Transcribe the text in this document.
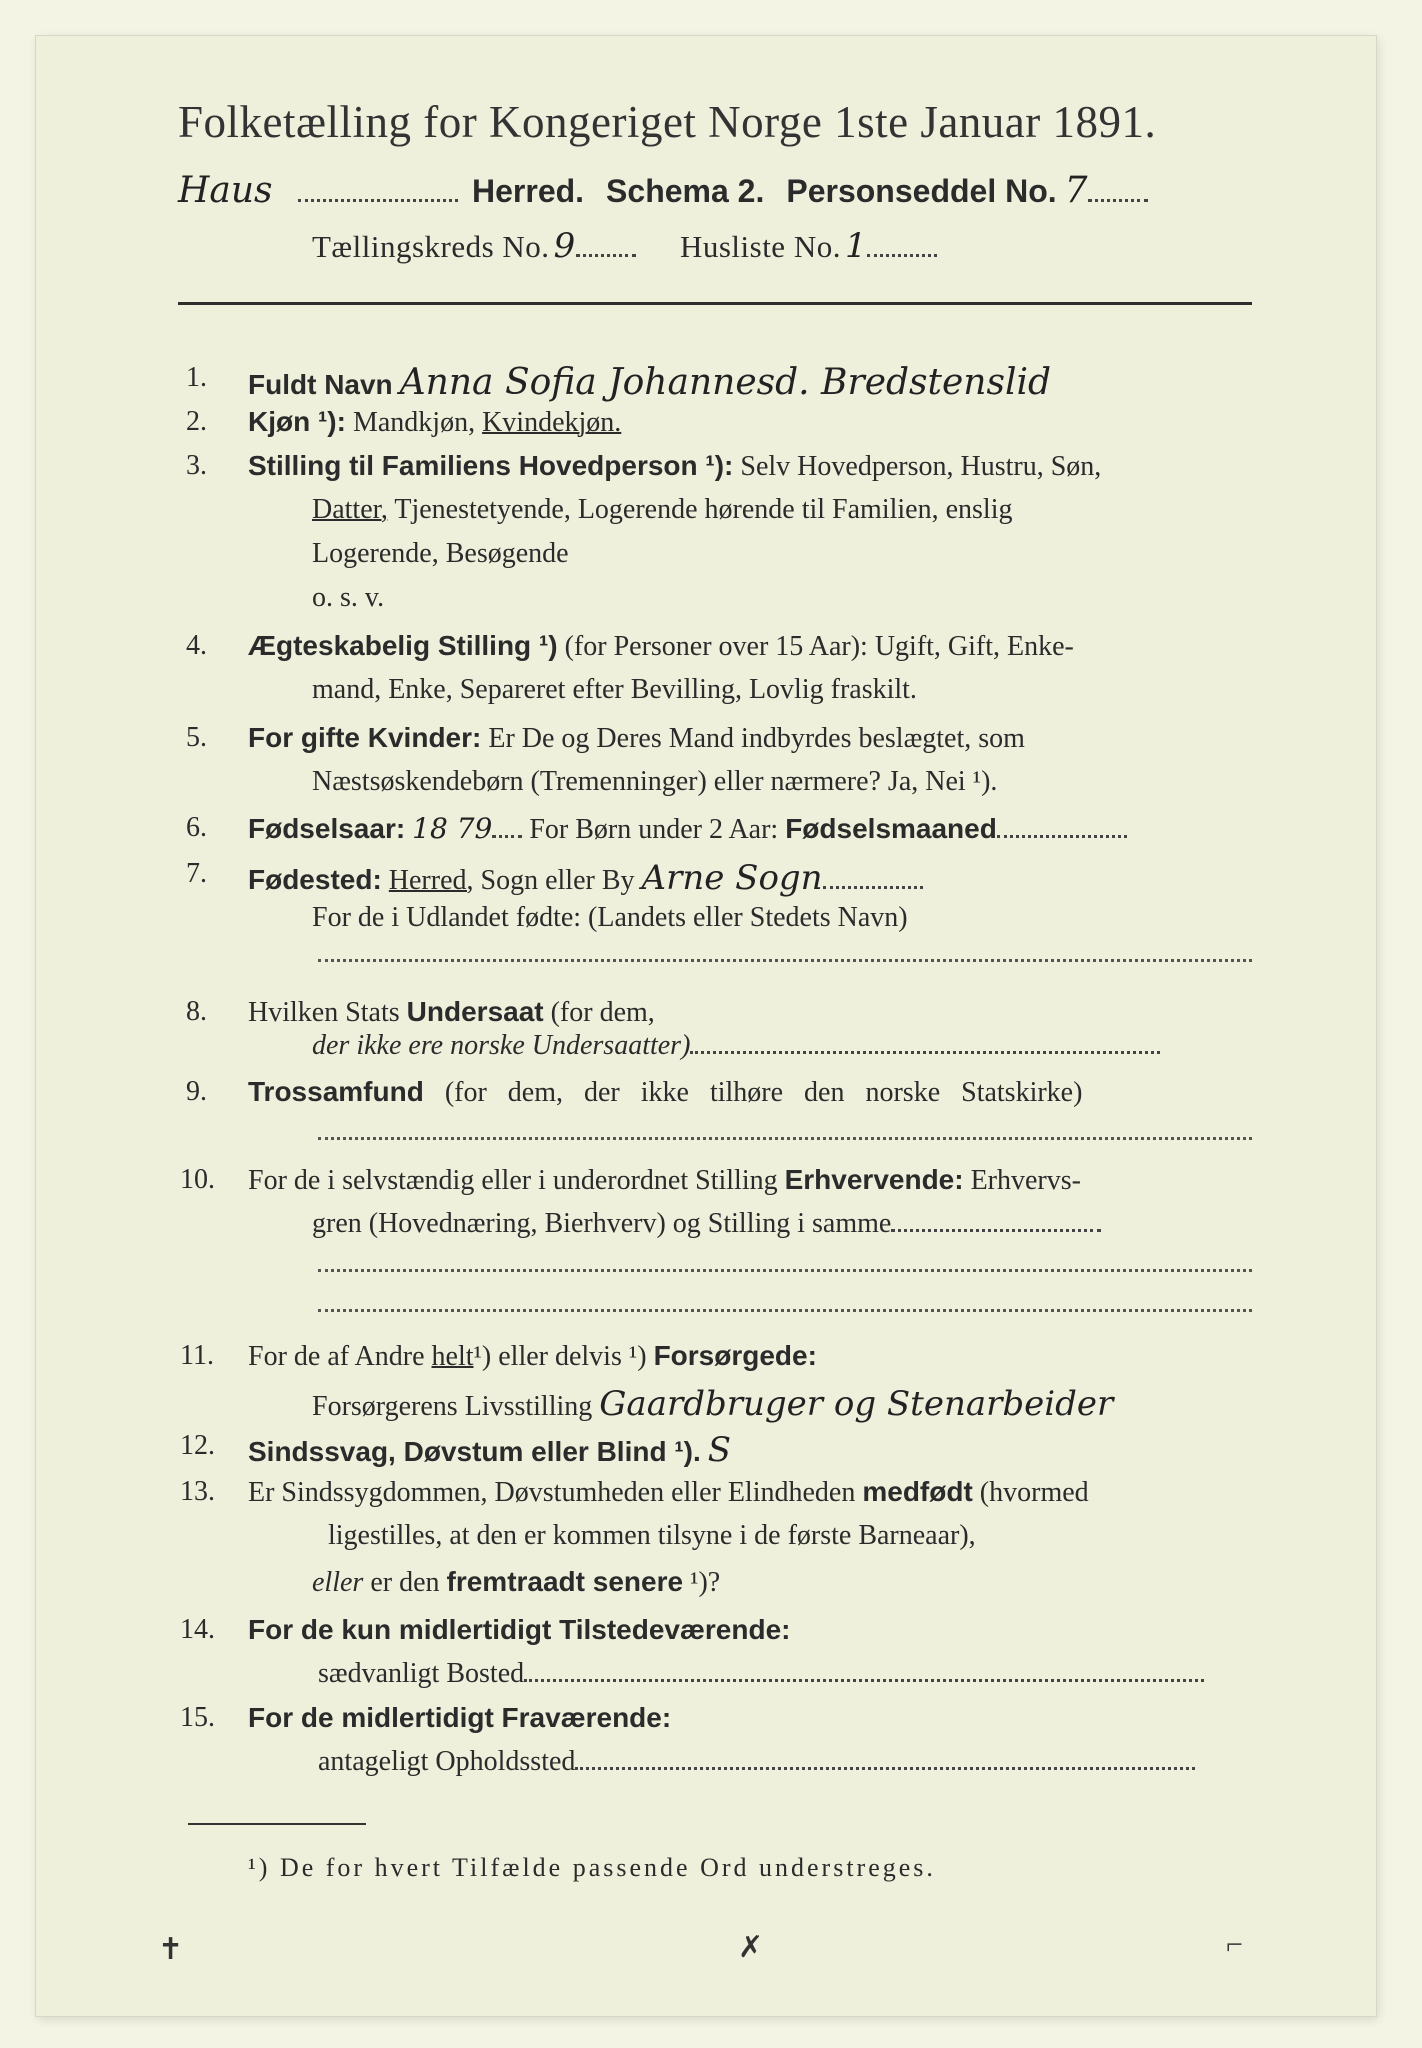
Folketælling for Kongeriget Norge 1ste Januar 1891.
Haus	Herred. Schema 2. Personseddel No. 7
Tællingskreds No. 9	Husliste No. 1
1.	Fuldt Navn Anna Sofia Johannesd. Bredstenslid
2.	Kjøn ¹): Mandkjøn, Kvindekjøn.
3.	Stilling til Familiens Hovedperson ¹): Selv Hovedperson, Hustru, Søn,
Datter, Tjenestetyende, Logerende hørende til Familien, enslig
Logerende, Besøgende
o. s. v.
4.	Ægteskabelig Stilling ¹) (for Personer over 15 Aar): Ugift, Gift, Enke-
mand, Enke, Separeret efter Bevilling, Lovlig fraskilt.
5.	For gifte Kvinder: Er De og Deres Mand indbyrdes beslægtet, som
Næstsøskendebørn (Tremenninger) eller nærmere? Ja, Nei ¹).
6.	Fødselsaar: 18 79 For Børn under 2 Aar: Fødselsmaaned
7.	Fødested: Herred, Sogn eller By Arne Sogn
For de i Udlandet fødte: (Landets eller Stedets Navn)
8.	Hvilken Stats Undersaat (for dem,
der ikke ere norske Undersaatter)
9.	Trossamfund (for dem, der ikke tilhøre den norske Statskirke)
10.	For de i selvstændig eller i underordnet Stilling Erhvervende: Erhvervs-
gren (Hovednæring, Bierhverv) og Stilling i samme
11.	For de af Andre helt¹) eller delvis ¹) Forsørgede:
Forsørgerens Livsstilling Gaardbruger og Stenarbeider
12.	Sindssvag, Døvstum eller Blind ¹). S
13.	Er Sindssygdommen, Døvstumheden eller Elindheden medfødt (hvormed
ligestilles, at den er kommen tilsyne i de første Barneaar),
eller er den fremtraadt senere ¹)?
14.	For de kun midlertidigt Tilstedeværende:
sædvanligt Bosted
15.	For de midlertidigt Fraværende:
antageligt Opholdssted
¹) De for hvert Tilfælde passende Ord understreges.
✝	✗	⌐
